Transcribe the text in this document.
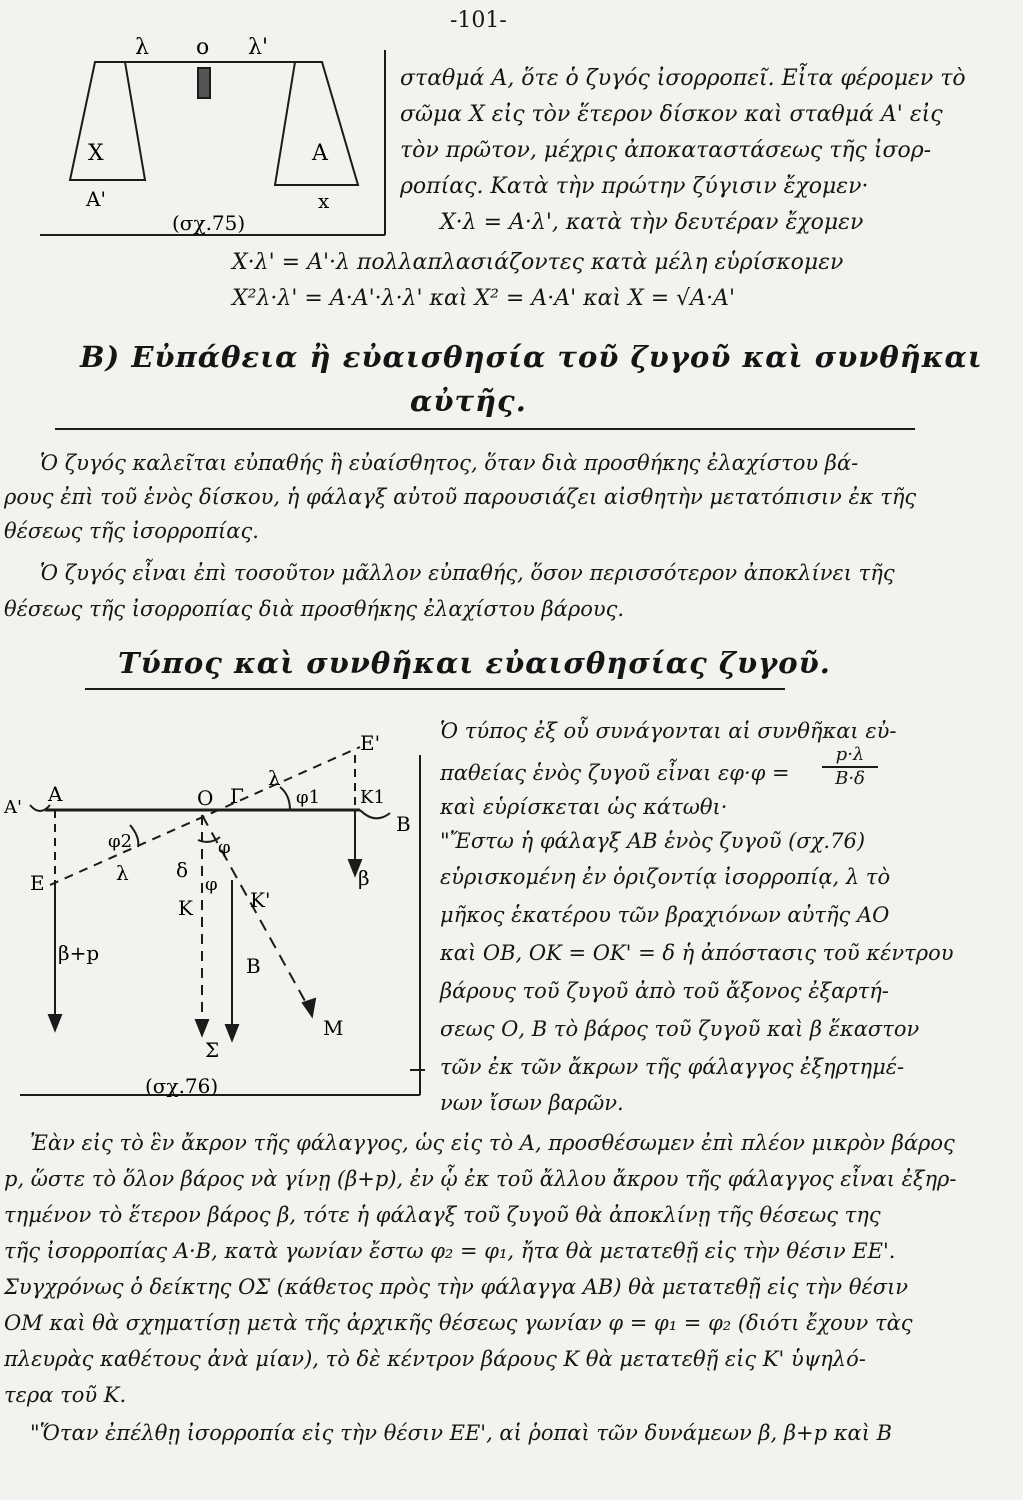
-101-
λ ο λ'
X	A
A'	x
(σχ.75)
σταθμά Α, ὅτε ὁ ζυγός ἰσορροπεῖ. Εἶτα φέρομεν τὸ
σῶμα Χ εἰς τὸν ἕτερον δίσκον καὶ σταθμά Α' εἰς
τὸν πρῶτον, μέχρις ἀποκαταστάσεως τῆς ἰσορ-
ροπίας. Κατὰ τὴν πρώτην ζύγισιν ἔχομεν·
X·λ = A·λ', κατὰ τὴν δευτέραν ἔχομεν
X·λ' = A'·λ πολλαπλασιάζοντες κατὰ μέλη εὑρίσκομεν
X²λ·λ' = A·A'·λ·λ' καὶ X² = A·A' καὶ X = √A·A'
Β) Εὐπάθεια ἢ εὐαισθησία τοῦ ζυγοῦ καὶ συνθῆκαι
αὐτῆς.
Ὁ ζυγός καλεῖται εὐπαθής ἢ εὐαίσθητος, ὅταν διὰ προσθήκης ἐλαχίστου βά-
ρους ἐπὶ τοῦ ἑνὸς δίσκου, ἡ φάλαγξ αὐτοῦ παρουσιάζει αἰσθητὴν μετατόπισιν ἐκ τῆς
θέσεως τῆς ἰσορροπίας.
Ὁ ζυγός εἶναι ἐπὶ τοσοῦτον μᾶλλον εὐπαθής, ὅσον περισσότερον ἀποκλίνει τῆς
θέσεως τῆς ἰσορροπίας διὰ προσθήκης ἐλαχίστου βάρους.
Τύπος καὶ συνθῆκαι εὐαισθησίας ζυγοῦ.
E'
λ
φ1 K1
A
A'	O Γ
B
φ2	φ
δ
φ
λ
E
K	K'
β
β+p
B
M
Σ
(σχ.76)
Ὁ τύπος ἐξ οὗ συνάγονται αἱ συνθῆκαι εὐ-
παθείας ἑνὸς ζυγοῦ εἶναι εφ·φ =
p·λ
B·δ
καὶ εὑρίσκεται ὡς κάτωθι·
"Ἔστω ἡ φάλαγξ ΑΒ ἑνὸς ζυγοῦ (σχ.76)
εὑρισκομένη ἐν ὁριζοντίᾳ ἰσορροπίᾳ, λ τὸ
μῆκος ἑκατέρου τῶν βραχιόνων αὐτῆς ΑΟ
καὶ ΟΒ, ΟΚ = ΟΚ' = δ ἡ ἀπόστασις τοῦ κέντρου
βάρους τοῦ ζυγοῦ ἀπὸ τοῦ ἄξονος ἐξαρτή-
σεως Ο, Β τὸ βάρος τοῦ ζυγοῦ καὶ β ἕκαστον
τῶν ἐκ τῶν ἄκρων τῆς φάλαγγος ἐξηρτημέ-
νων ἴσων βαρῶν.
Ἐὰν εἰς τὸ ἓν ἄκρον τῆς φάλαγγος, ὡς εἰς τὸ Α, προσθέσωμεν ἐπὶ πλέον μικρὸν βάρος
p, ὥστε τὸ ὅλον βάρος νὰ γίνῃ (β+p), ἐν ᾧ ἐκ τοῦ ἄλλου ἄκρου τῆς φάλαγγος εἶναι ἐξηρ-
τημένον τὸ ἕτερον βάρος β, τότε ἡ φάλαγξ τοῦ ζυγοῦ θὰ ἀποκλίνῃ τῆς θέσεως της
τῆς ἰσορροπίας Α·Β, κατὰ γωνίαν ἔστω φ₂ = φ₁, ἤτα θὰ μετατεθῇ εἰς τὴν θέσιν ΕΕ'.
Συγχρόνως ὁ δείκτης ΟΣ (κάθετος πρὸς τὴν φάλαγγα ΑΒ) θὰ μετατεθῇ εἰς τὴν θέσιν
ΟΜ καὶ θὰ σχηματίσῃ μετὰ τῆς ἀρχικῆς θέσεως γωνίαν φ = φ₁ = φ₂ (διότι ἔχουν τὰς
πλευρὰς καθέτους ἀνὰ μίαν), τὸ δὲ κέντρον βάρους Κ θὰ μετατεθῇ εἰς Κ' ὑψηλό-
τερα τοῦ Κ.
"Ὅταν ἐπέλθῃ ἰσορροπία εἰς τὴν θέσιν ΕΕ', αἱ ῥοπαὶ τῶν δυνάμεων β, β+p καὶ Β
